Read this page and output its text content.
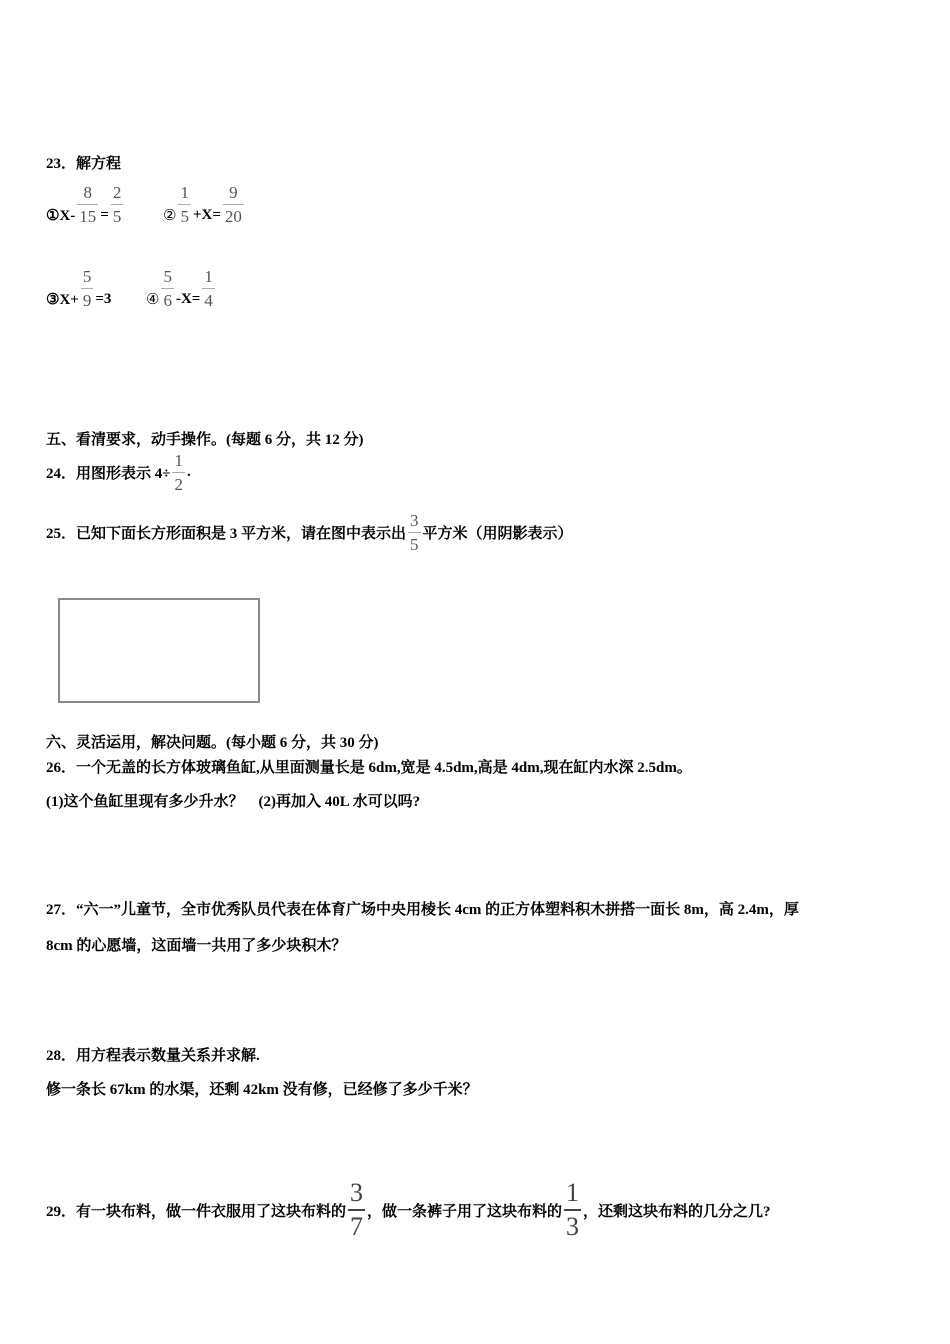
23．解方程
①X- $\frac{8}{15} = \frac{2}{5}$	② $\frac{1}{5} +X= \frac{9}{20}$
③X+ $\frac{5}{9} =3$ ④ $\frac{5}{6} -X= \frac{1}{4}$
五、看清要求，动手操作。(每题 6 分，共 12 分)
24．用图形表示 $4\div \frac{1}{2}$ .
25．已知下面长方形面积是 3 平方米，请在图中表示出 $\frac{3}{5}$ 平方米（用阴影表示）
六、灵活运用，解决问题。(每小题 6 分，共 30 分)
26．一个无盖的长方体玻璃鱼缸,从里面测量长是 6dm,宽是 4.5dm,高是 4dm,现在缸内水深 2.5dm。
(1)这个鱼缸里现有多少升水？    (2)再加入 40L 水可以吗?
27．“六一”儿童节，全市优秀队员代表在体育广场中央用棱长 4cm 的正方体塑料积木拼搭一面长 8m，高 2.4m，厚
8cm 的心愿墙，这面墙一共用了多少块积木？
28．用方程表示数量关系并求解.
修一条长 67km 的水渠，还剩 42km 没有修，已经修了多少千米？
29．有一块布料，做一件衣服用了这块布料的 $\frac{3}{7}$ ，做一条裤子用了这块布料的 $\frac{1}{3}$ ，还剩这块布料的几分之几?
